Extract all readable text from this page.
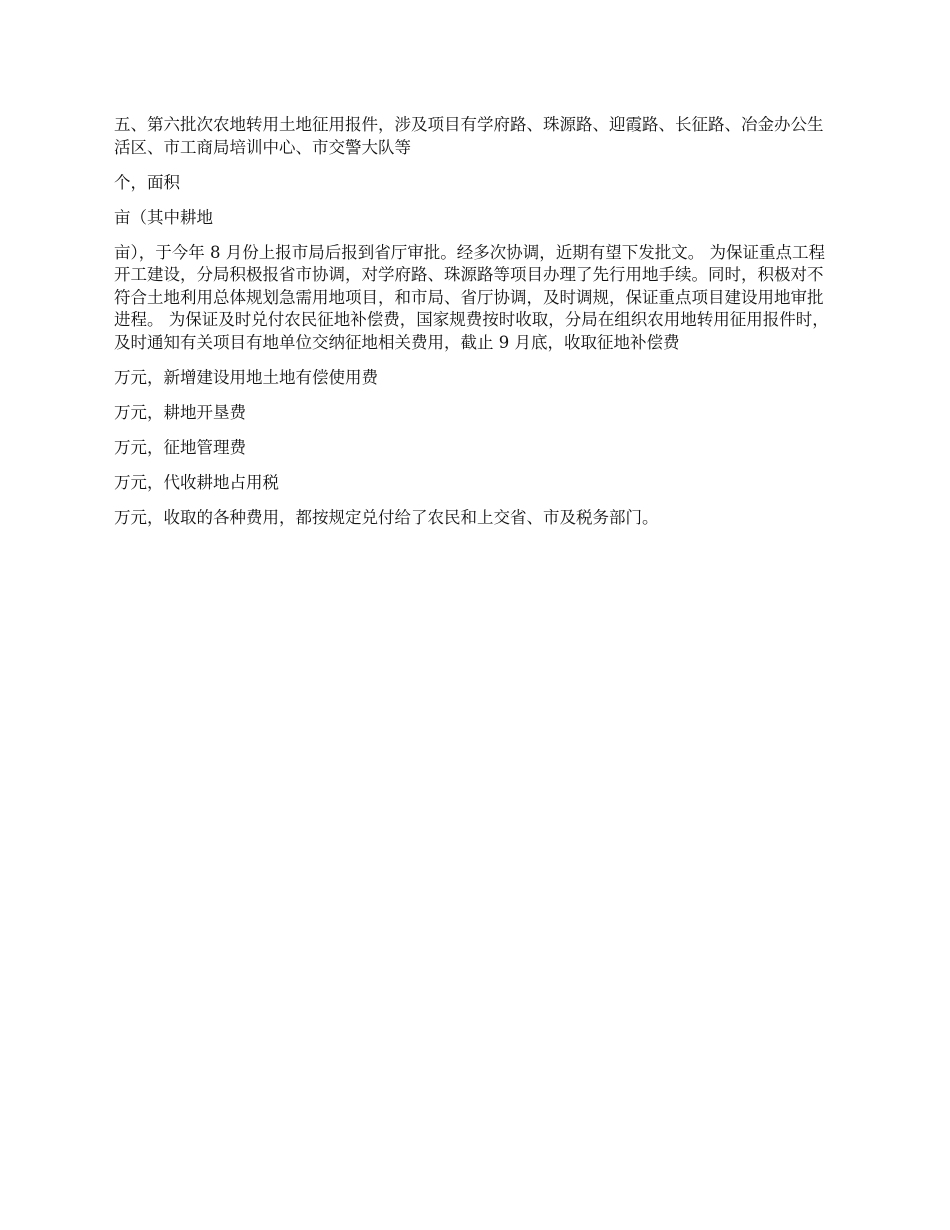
五、第六批次农地转用土地征用报件，涉及项目有学府路、珠源路、迎霞路、长征路、冶金办公生活区、市工商局培训中心、市交警大队等

个，面积

亩（其中耕地

亩），于今年 8 月份上报市局后报到省厅审批。经多次协调，近期有望下发批文。 为保证重点工程开工建设，分局积极报省市协调，对学府路、珠源路等项目办理了先行用地手续。同时，积极对不符合土地利用总体规划急需用地项目，和市局、省厅协调，及时调规，保证重点项目建设用地审批进程。 为保证及时兑付农民征地补偿费，国家规费按时收取，分局在组织农用地转用征用报件时，及时通知有关项目有地单位交纳征地相关费用，截止 9 月底，收取征地补偿费

万元，新增建设用地土地有偿使用费

万元，耕地开垦费

万元，征地管理费

万元，代收耕地占用税

万元，收取的各种费用，都按规定兑付给了农民和上交省、市及税务部门。
